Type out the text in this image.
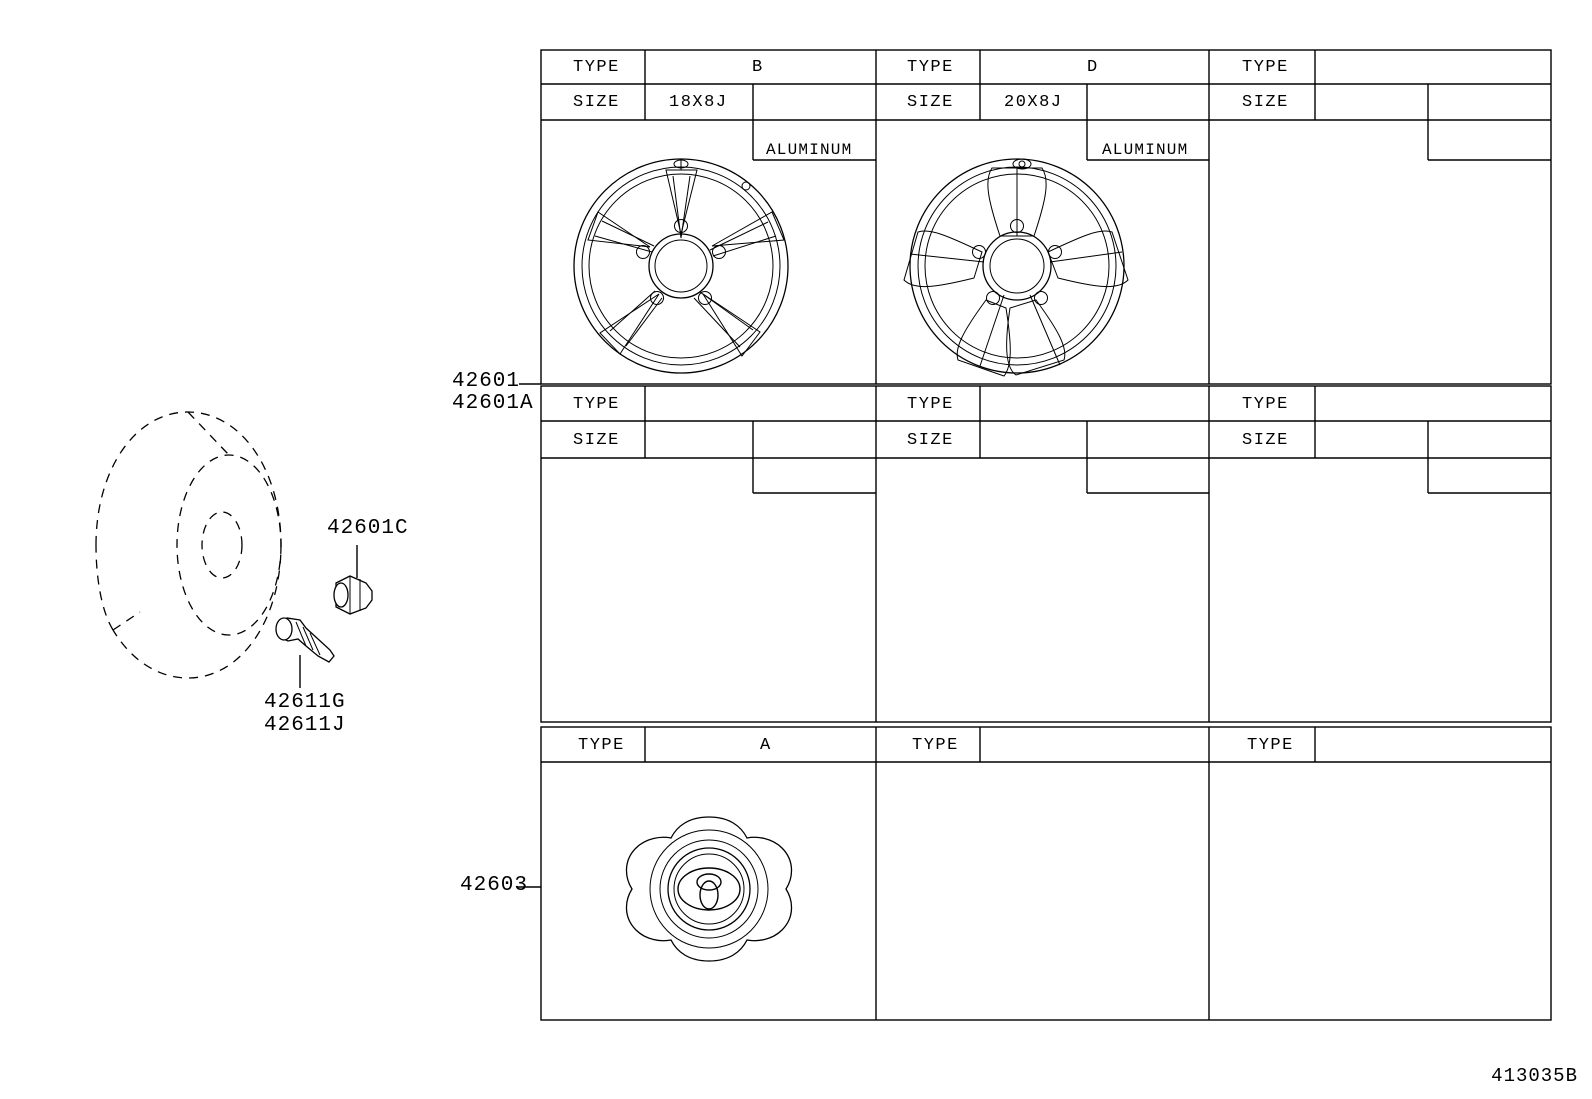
42601
42601A
42601C
42611G
42611J
42603
TYPE	B
SIZE	18X8J
ALUMINUM
TYPE	D
SIZE	20X8J
ALUMINUM
TYPE
SIZE
TYPE
SIZE
TYPE
SIZE
TYPE
SIZE
TYPE	A	TYPE	TYPE
413035B
